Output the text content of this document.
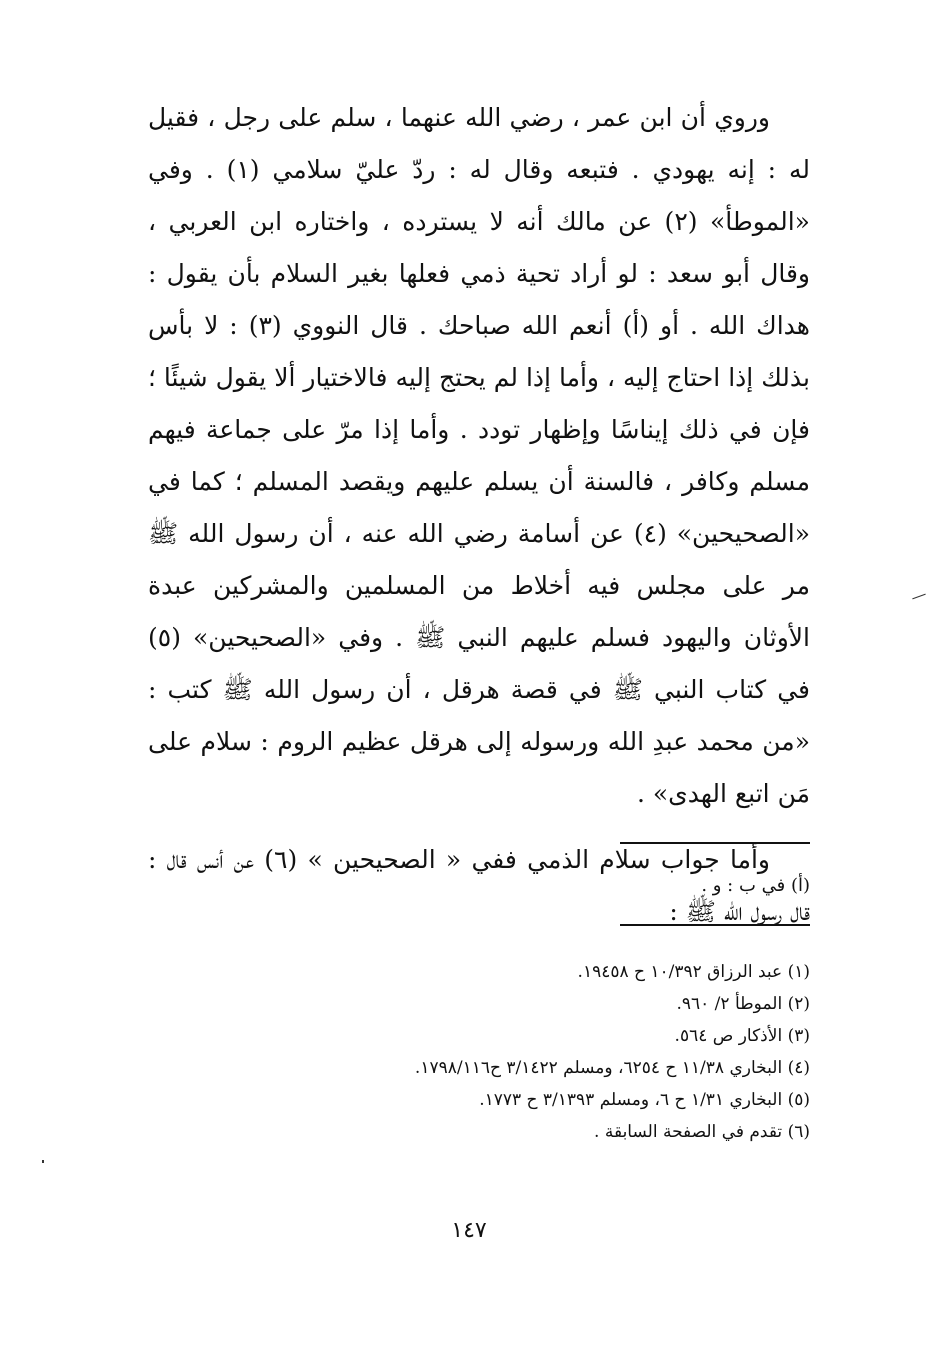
وروي أن ابن عمر ، رضي الله عنهما ، سلم على رجل ، فقيل له : إنه يهودي . فتبعه وقال له : ردّ عليّ سلامي (١) . وفي «الموطأ» (٢) عن مالك أنه لا يسترده ، واختاره ابن العربي ، وقال أبو سعد : لو أراد تحية ذمي فعلها بغير السلام بأن يقول : هداك الله . أو (أ) أنعم الله صباحك . قال النووي (٣) : لا بأس بذلك إذا احتاج إليه ، وأما إذا لم يحتج إليه فالاختيار ألا يقول شيئًا ؛ فإن في ذلك إيناسًا وإظهار تودد . وأما إذا مرّ على جماعة فيهم مسلم وكافر ، فالسنة أن يسلم عليهم ويقصد المسلم ؛ كما في «الصحيحين» (٤) عن أسامة رضي الله عنه ، أن رسول الله ﷺ مر على مجلس فيه أخلاط من المسلمين والمشركين عبدة الأوثان واليهود فسلم عليهم النبي ﷺ . وفي «الصحيحين» (٥) في كتاب النبي ﷺ في قصة هرقل ، أن رسول الله ﷺ كتب : «من محمد عبدِ الله ورسوله إلى هرقل عظيم الروم : سلام على مَن اتبع الهدى» .

وأما جواب سلام الذمي ففي « الصحيحين » (٦) عن أنس قال : قال رسول الله ﷺ :

(أ) في ب : و .
(١) عبد الرزاق ١٠/٣٩٢ ح ١٩٤٥٨.
(٢) الموطأ ٢/ ٩٦٠.
(٣) الأذكار ص ٥٦٤.
(٤) البخاري ١١/٣٨ ح ٦٢٥٤، ومسلم ٣/١٤٢٢ ح١٧٩٨/١١٦.
(٥) البخاري ١/٣١ ح ٦، ومسلم ٣/١٣٩٣ ح ١٧٧٣.
(٦) تقدم في الصفحة السابقة .
١٤٧
